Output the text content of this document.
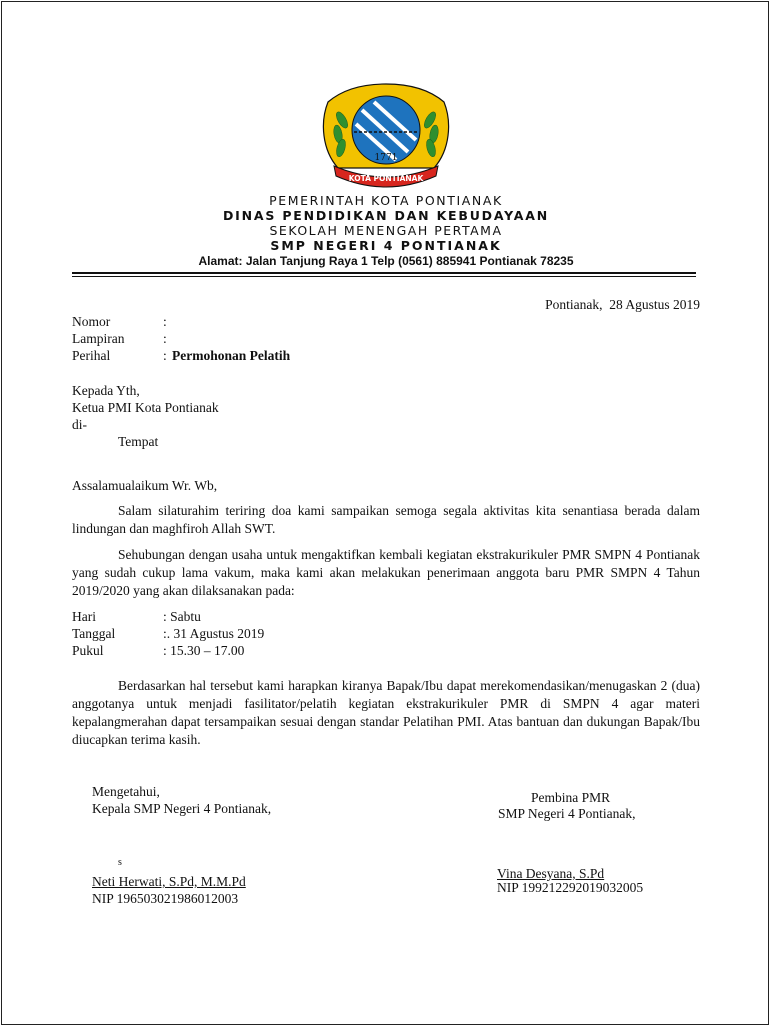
1771
KOTA PONTIANAK
PEMERINTAH KOTA PONTIANAK
DINAS PENDIDIKAN DAN KEBUDAYAAN
SEKOLAH MENENGAH PERTAMA
SMP NEGERI 4 PONTIANAK
Alamat: Jalan Tanjung Raya 1 Telp (0561) 885941 Pontianak 78235
Pontianak,  28 Agustus 2019
Nomor	:
Lampiran	:
Perihal	: Permohonan Pelatih
Kepada Yth,
Ketua PMI Kota Pontianak
di-
Tempat
Assalamualaikum Wr. Wb,

Salam silaturahim teriring doa kami sampaikan semoga segala aktivitas kita senantiasa berada dalam lindungan dan maghfiroh Allah SWT.

Sehubungan dengan usaha untuk mengaktifkan kembali kegiatan ekstrakurikuler PMR SMPN 4 Pontianak yang sudah cukup lama vakum, maka kami akan melakukan penerimaan anggota baru PMR SMPN 4 Tahun 2019/2020 yang akan dilaksanakan pada:

Hari	: Sabtu
Tanggal	:. 31 Agustus 2019
Pukul	: 15.30 – 17.00

Berdasarkan hal tersebut kami harapkan kiranya Bapak/Ibu dapat merekomendasikan/menugaskan 2 (dua) anggotanya untuk menjadi fasilitator/pelatih kegiatan ekstrakurikuler PMR di SMPN 4 agar materi kepalangmerahan dapat tersampaikan sesuai dengan standar Pelatihan PMI. Atas bantuan dan dukungan Bapak/Ibu diucapkan terima kasih.

Mengetahui,
Kepala SMP Negeri 4 Pontianak,
s
Neti Herwati, S.Pd, M.M.Pd
NIP 196503021986012003
Pembina PMR
SMP Negeri 4 Pontianak,
Vina Desyana, S.Pd
NIP 199212292019032005
